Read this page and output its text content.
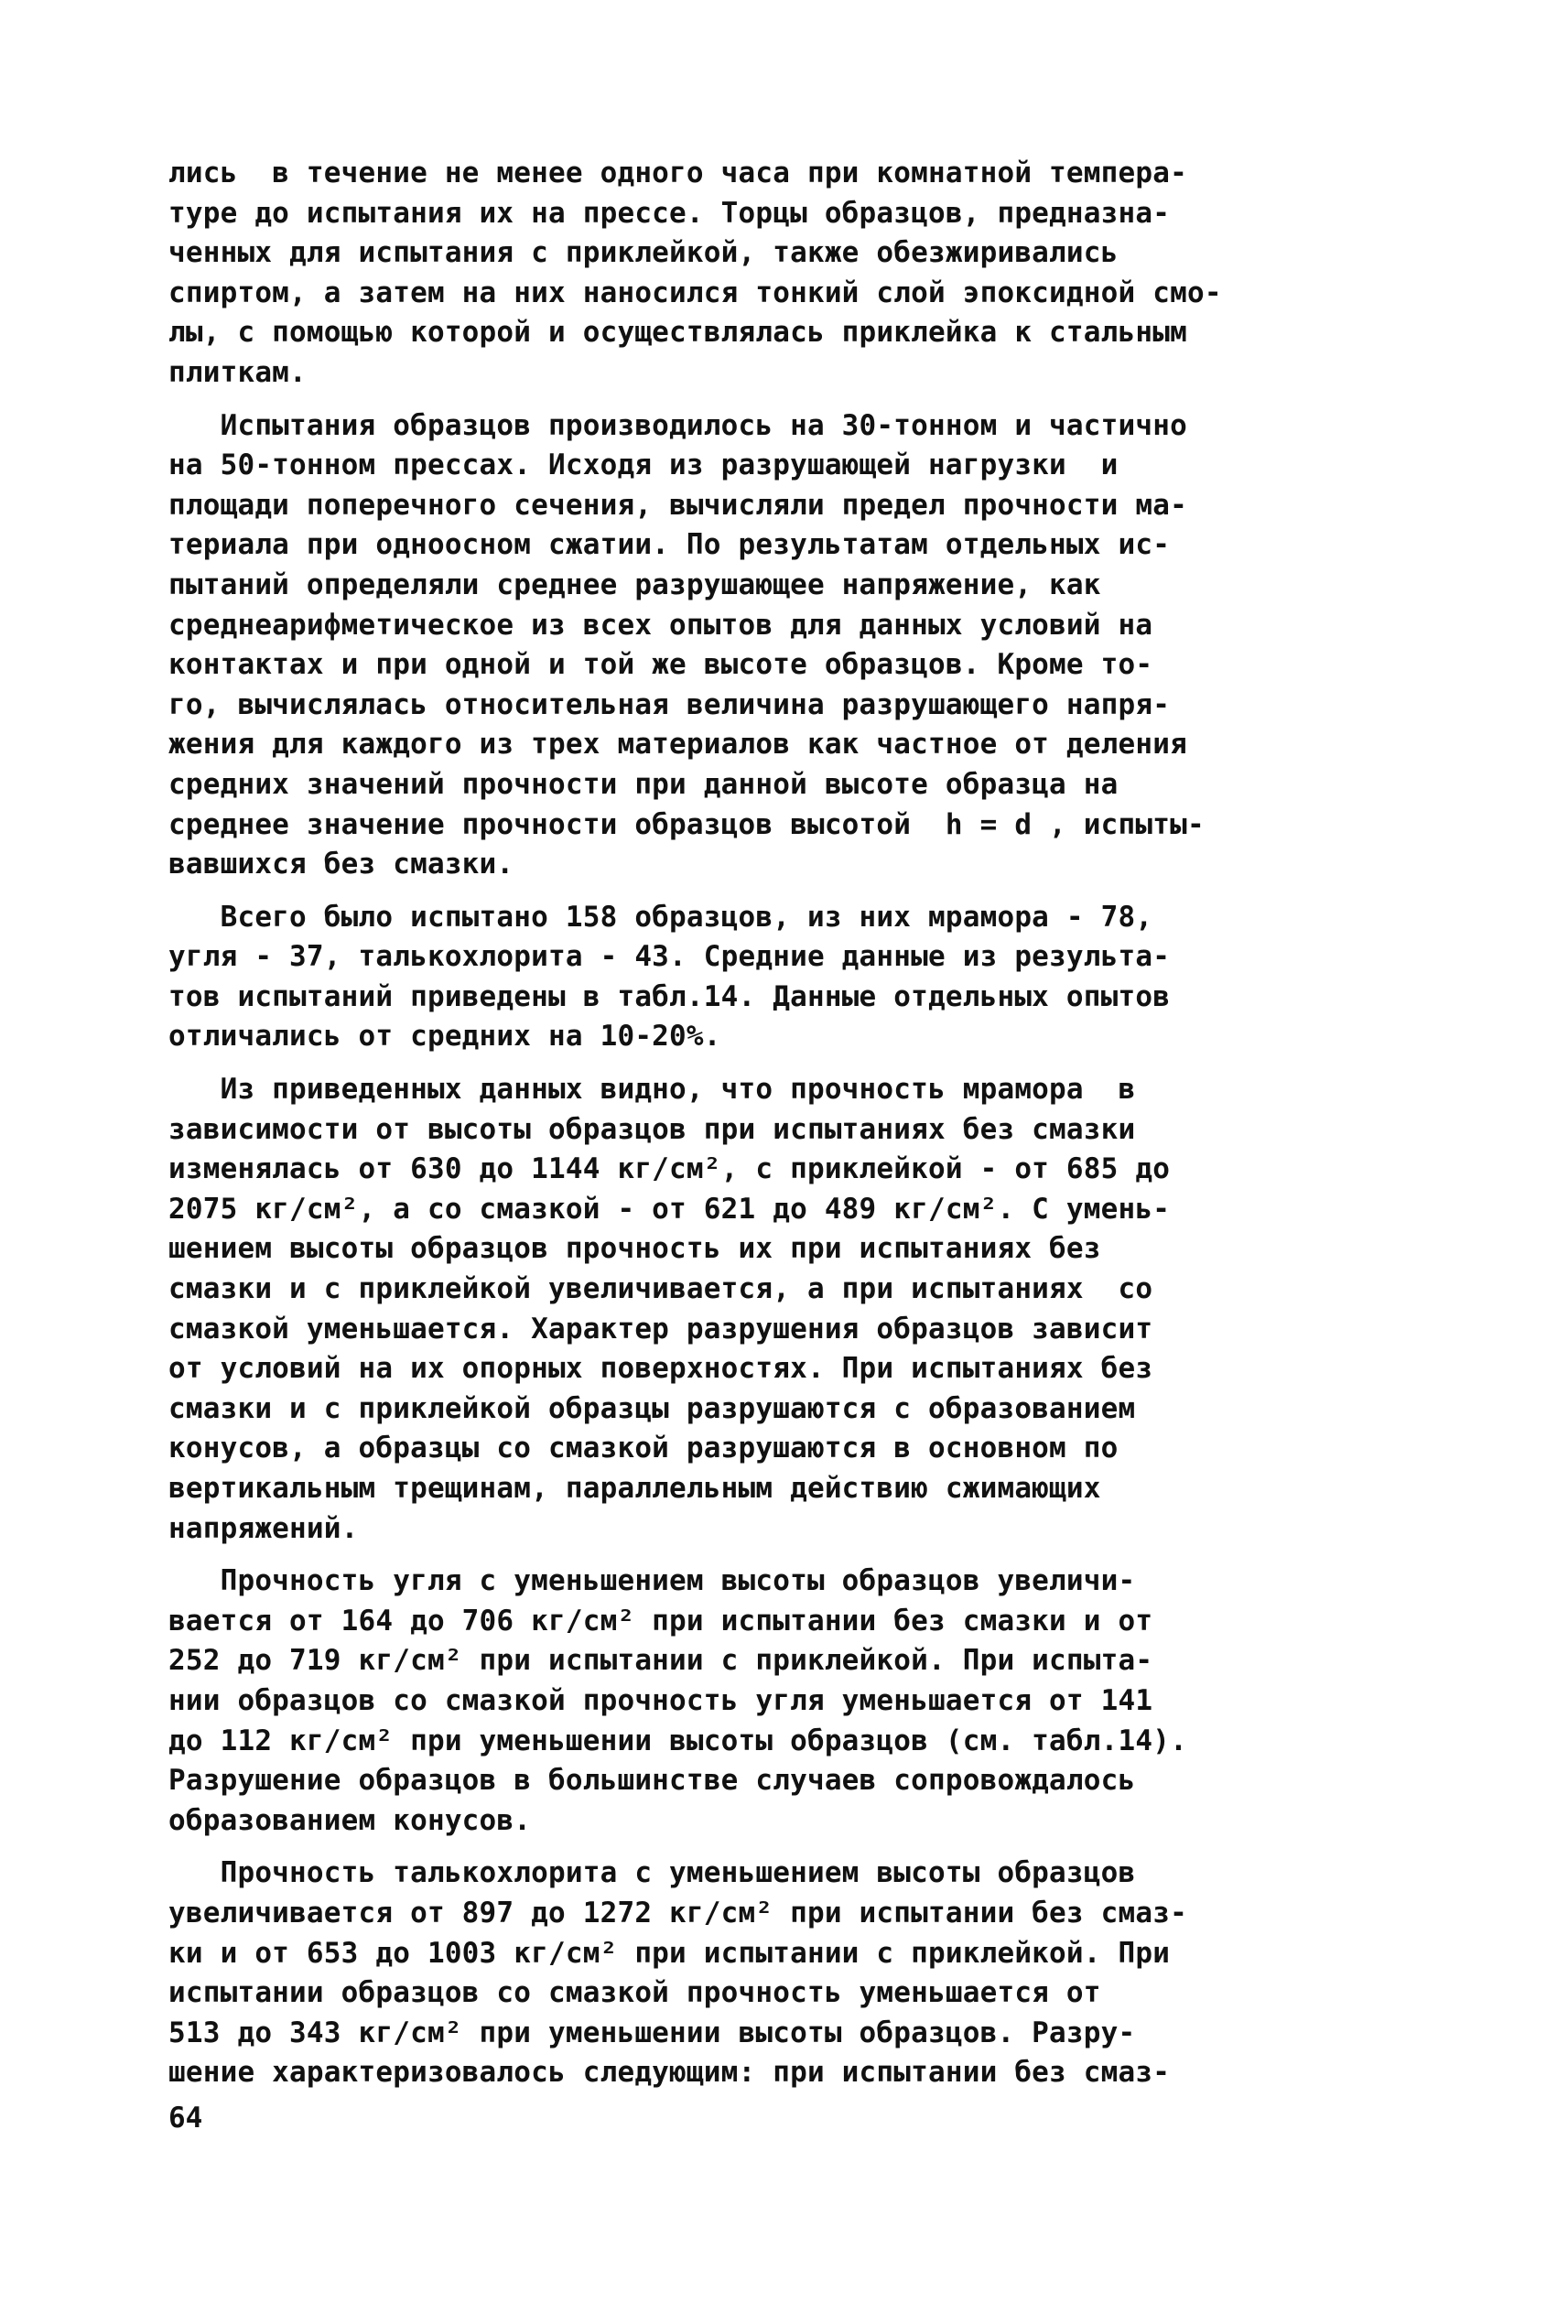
лись  в течение не менее одного часа при комнатной темпера-
туре до испытания их на прессе. Торцы образцов, предназна-
ченных для испытания с приклейкой, также обезжиривались
спиртом, а затем на них наносился тонкий слой эпоксидной смо-
лы, с помощью которой и осуществлялась приклейка к стальным
плиткам.
Испытания образцов производилось на 30-тонном и частично
на 50-тонном прессах. Исходя из разрушающей нагрузки  и
площади поперечного сечения, вычисляли предел прочности ма-
териала при одноосном сжатии. По результатам отдельных ис-
пытаний определяли среднее разрушающее напряжение, как
среднеарифметическое из всех опытов для данных условий на
контактах и при одной и той же высоте образцов. Кроме то-
го, вычислялась относительная величина разрушающего напря-
жения для каждого из трех материалов как частное от деления
средних значений прочности при данной высоте образца на
среднее значение прочности образцов высотой  h = d , испыты-
вавшихся без смазки.
Всего было испытано 158 образцов, из них мрамора - 78,
угля - 37, талькохлорита - 43. Средние данные из результа-
тов испытаний приведены в табл.14. Данные отдельных опытов
отличались от средних на 10-20%.
Из приведенных данных видно, что прочность мрамора  в
зависимости от высоты образцов при испытаниях без смазки
изменялась от 630 до 1144 кг/см², с приклейкой - от 685 до
2075 кг/см², а со смазкой - от 621 до 489 кг/см². С умень-
шением высоты образцов прочность их при испытаниях без
смазки и с приклейкой увеличивается, а при испытаниях  со
смазкой уменьшается. Характер разрушения образцов зависит
от условий на их опорных поверхностях. При испытаниях без
смазки и с приклейкой образцы разрушаются с образованием
конусов, а образцы со смазкой разрушаются в основном по
вертикальным трещинам, параллельным действию сжимающих
напряжений.
Прочность угля с уменьшением высоты образцов увеличи-
вается от 164 до 706 кг/см² при испытании без смазки и от
252 до 719 кг/см² при испытании с приклейкой. При испыта-
нии образцов со смазкой прочность угля уменьшается от 141
до 112 кг/см² при уменьшении высоты образцов (см. табл.14).
Разрушение образцов в большинстве случаев сопровождалось
образованием конусов.
Прочность талькохлорита с уменьшением высоты образцов
увеличивается от 897 до 1272 кг/см² при испытании без смаз-
ки и от 653 до 1003 кг/см² при испытании с приклейкой. При
испытании образцов со смазкой прочность уменьшается от
513 до 343 кг/см² при уменьшении высоты образцов. Разру-
шение характеризовалось следующим: при испытании без смаз-
64
